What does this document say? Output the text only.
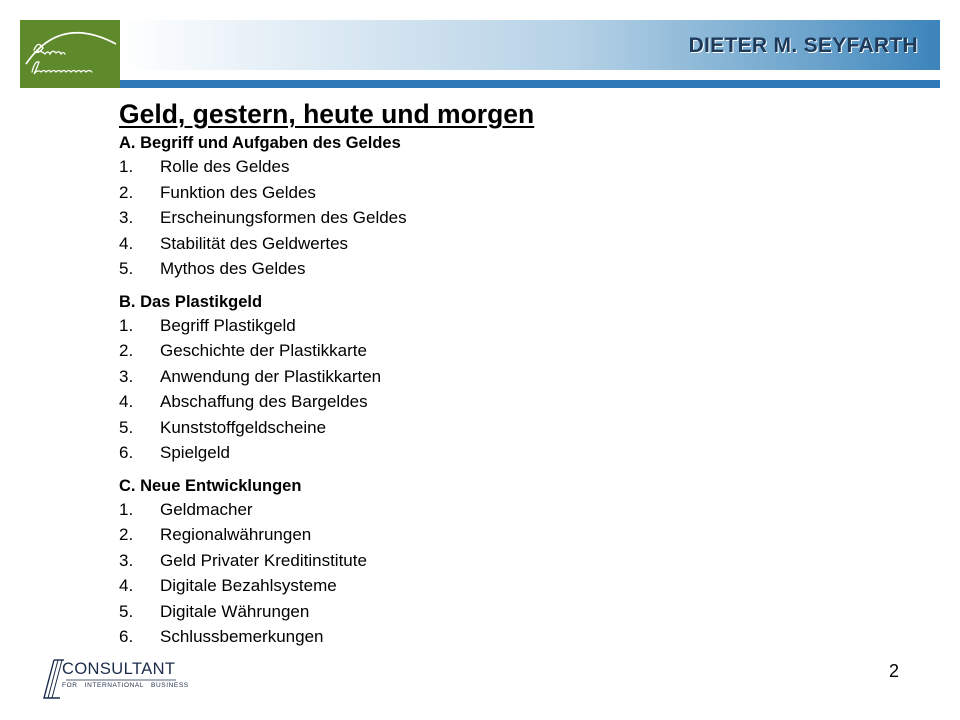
DIETER M. SEYFARTH
Geld, gestern, heute und morgen
A. Begriff und Aufgaben des Geldes
1.	Rolle des Geldes
2.	Funktion des Geldes
3.	Erscheinungsformen des Geldes
4.	Stabilität des Geldwertes
5.	Mythos des Geldes
B. Das Plastikgeld
1.	Begriff Plastikgeld
2.	Geschichte der Plastikkarte
3.	Anwendung der Plastikkarten
4.	Abschaffung des Bargeldes
5.	Kunststoffgeldscheine
6.	Spielgeld
C. Neue Entwicklungen
1.	Geldmacher
2.	Regionalwährungen
3.	Geld Privater Kreditinstitute
4.	Digitale Bezahlsysteme
5.	Digitale Währungen
6.	Schlussbemerkungen
CONSULTANT
FOR   INTERNATIONAL   BUSINESS
2
